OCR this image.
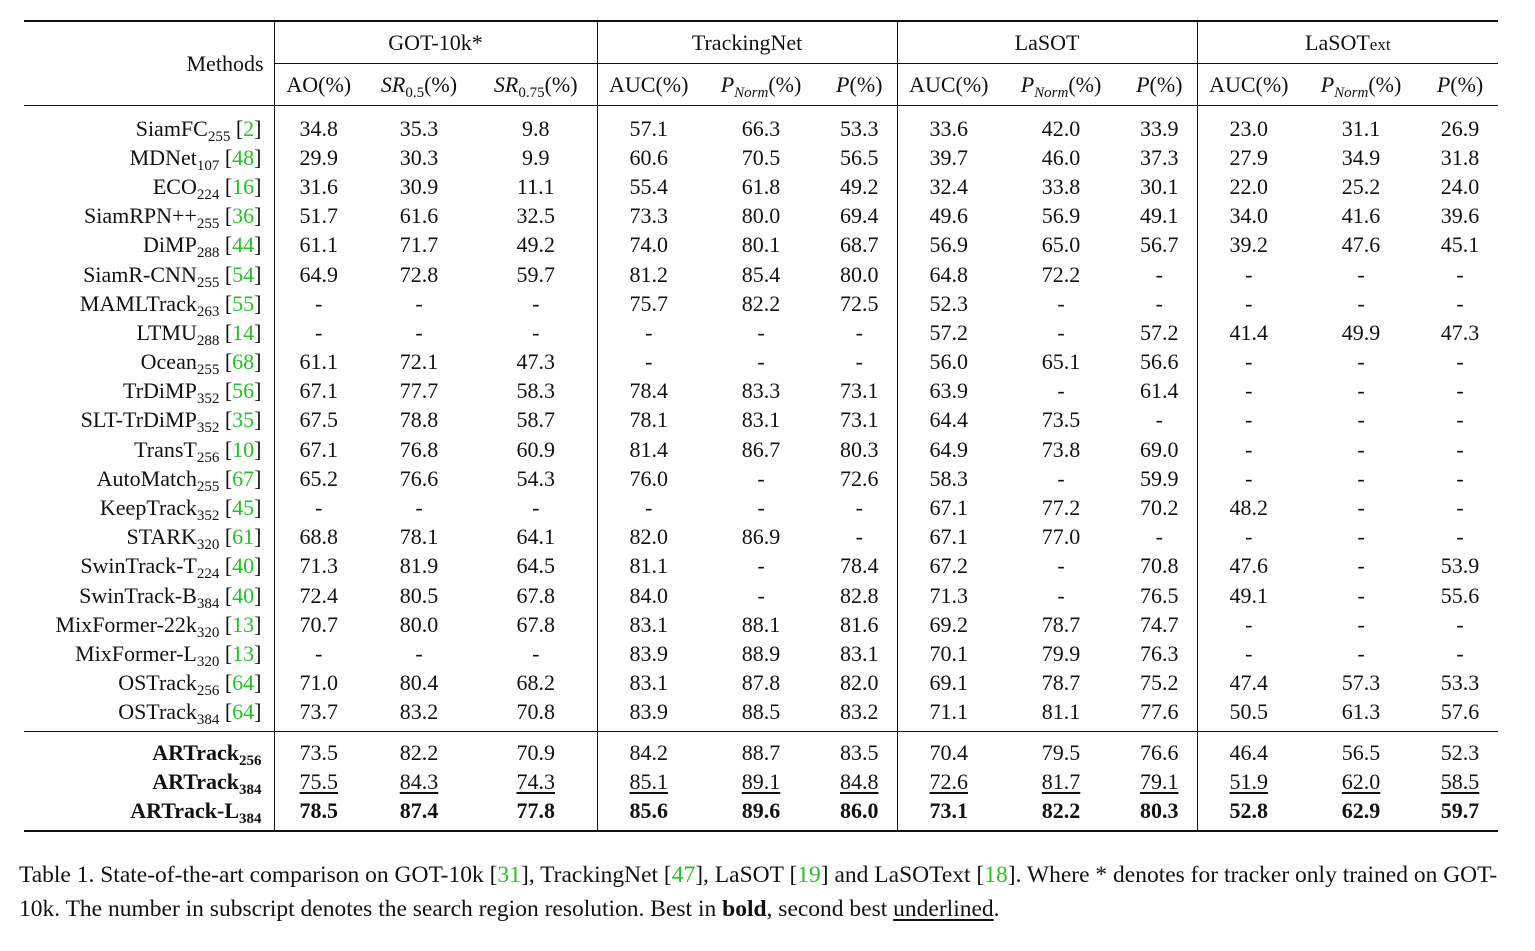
Methods	GOT-10k*			TrackingNet			LaSOT			LaSOText		
	AO(%)	$SR_{0.5}(\%)$	$SR_{0.75}(\%)$	AUC(%)	$P_{Norm}(\%)$	P(%)	AUC(%)	$P_{Norm}(\%)$	P(%)	AUC(%)	$P_{Norm}(\%)$	P(%)
SiamFC$_{255}$ [2]	34.8	35.3	9.8	57.1	66.3	53.3	33.6	42.0	33.9	23.0	31.1	26.9
MDNet$_{107}$ [48]	29.9	30.3	9.9	60.6	70.5	56.5	39.7	46.0	37.3	27.9	34.9	31.8
$ECO_{224}$ [16]	31.6	30.9	11.1	55.4	61.8	49.2	32.4	33.8	30.1	22.0	25.2	24.0
$SiamRPN++_{255}$ [36]	51.7	61.6	32.5	73.3	80.0	69.4	49.6	56.9	49.1	34.0	41.6	39.6
DiMP$_{288}$ [44]	61.1	71.7	49.2	74.0	80.1	68.7	56.9	65.0	56.7	39.2	47.6	45.1
SiamR-$CNN_{255}$ [54]	64.9	72.8	59.7	81.2	85.4	80.0	64.8	72.2	-	-	-	-
MAMLTrack$_{263}$ [55]	-	-	-	75.7	82.2	72.5	52.3	-	-	-	-	-
$LTMU_{288}$ [14]	-	-	-	-	-	-	57.2	-	57.2	41.4	49.9	47.3
Ocean$_{255}$ [68]	61.1	72.1	47.3	-	-	-	56.0	65.1	56.6	-	-	-
TrDiMP$_{352}$ [56]	67.1	77.7	58.3	78.4	83.3	73.1	63.9	-	61.4	-	-	-
SLT-TrDiMP$_{352}$ [35]	67.5	78.8	58.7	78.1	83.1	73.1	64.4	73.5	-	-	-	-
TransT$_{256}$ [10]	67.1	76.8	60.9	81.4	86.7	80.3	64.9	73.8	69.0	-	-	-
AutoMatch$_{255}$ [67]	65.2	76.6	54.3	76.0	-	72.6	58.3	-	59.9	-	-	-
KeepTrack$_{352}$ [45]	-	-	-	-	-	-	67.1	77.2	70.2	48.2	-	-
$STARK_{320}$ [61]	68.8	78.1	64.1	82.0	86.9	-	67.1	77.0	-	-	-	-
SwinTrack-$T_{224}$ [40]	71.3	81.9	64.5	81.1	-	78.4	67.2	-	70.8	47.6	-	53.9
SwinTrack-$B_{384}$ [40]	72.4	80.5	67.8	84.0	-	82.8	71.3	-	76.5	49.1	-	55.6
MixFormer-$22k_{320}$ [13]	70.7	80.0	67.8	83.1	88.1	81.6	69.2	78.7	74.7	-	-	-
MixFormer-$L_{320}$ [13]	-	-	-	83.9	88.9	83.1	70.1	79.9	76.3	-	-	-
OSTrack$_{256}$ [64]	71.0	80.4	68.2	83.1	87.8	82.0	69.1	78.7	75.2	47.4	57.3	53.3
OSTrack$_{384}$ [64]	73.7	83.2	70.8	83.9	88.5	83.2	71.1	81.1	77.6	50.5	61.3	57.6
ARTrack$_{256}$	73.5	82.2	70.9	84.2	88.7	83.5	70.4	79.5	76.6	46.4	56.5	52.3
ARTrack$_{384}$	75.5	84.3	74.3	85.1	89.1	84.8	72.6	81.7	79.1	51.9	62.0	58.5
ARTrack-$L_{384}$	78.5	87.4	77.8	85.6	89.6	86.0	73.1	82.2	80.3	52.8	62.9	59.7
Table 1. State-of-the-art comparison on GOT-10k [31], TrackingNet [47], LaSOT [19] and LaSOText [18]. Where * denotes for tracker only trained on GOT-10k. The number in subscript denotes the search region resolution. Best in bold, second best underlined.
